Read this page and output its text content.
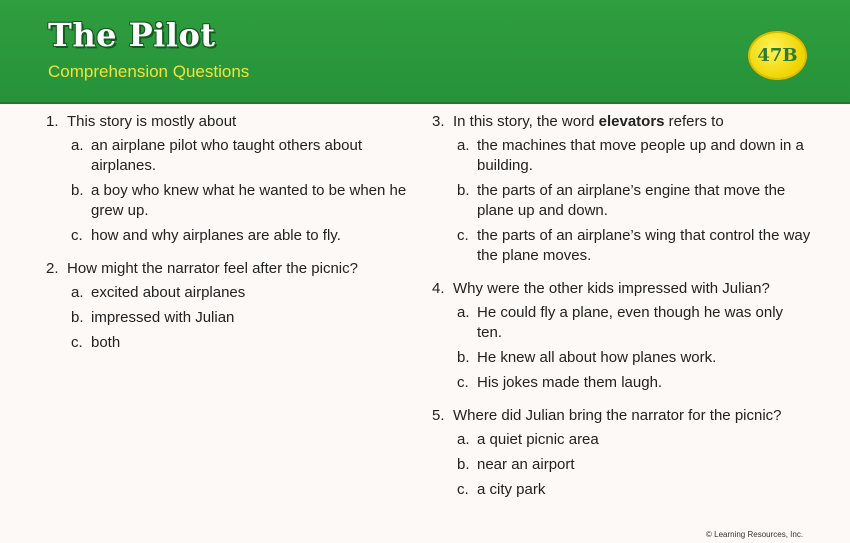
The Pilot
Comprehension Questions
47B
1. This story is mostly about
a. an airplane pilot who taught others about airplanes.
b. a boy who knew what he wanted to be when he grew up.
c. how and why airplanes are able to fly.
2. How might the narrator feel after the picnic?
a. excited about airplanes
b. impressed with Julian
c. both
3. In this story, the word elevators refers to
a. the machines that move people up and down in a building.
b. the parts of an airplane’s engine that move the plane up and down.
c. the parts of an airplane’s wing that control the way the plane moves.
4. Why were the other kids impressed with Julian?
a. He could fly a plane, even though he was only ten.
b. He knew all about how planes work.
c. His jokes made them laugh.
5. Where did Julian bring the narrator for the picnic?
a. a quiet picnic area
b. near an airport
c. a city park
© Learning Resources, Inc.
